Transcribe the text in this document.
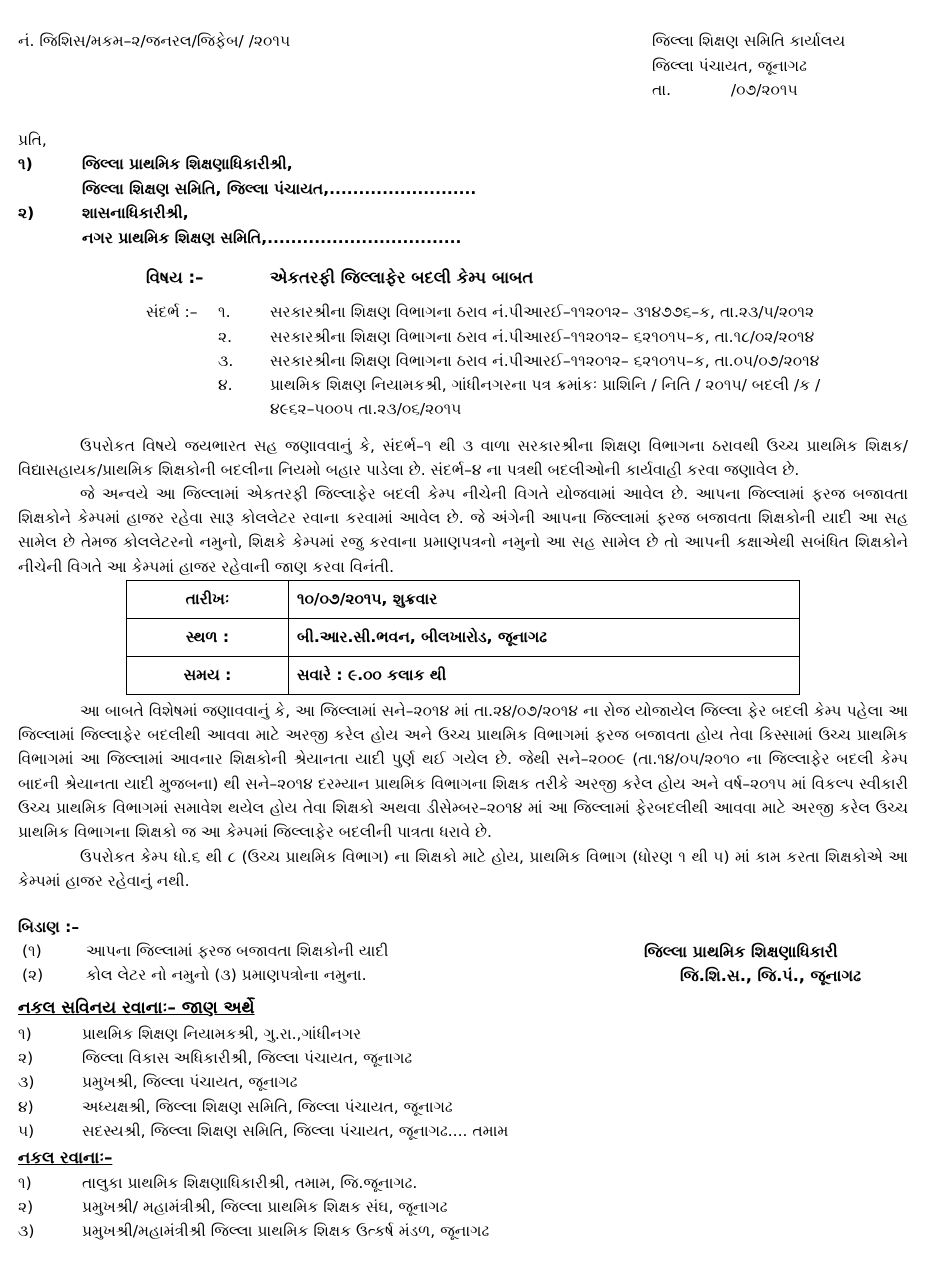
નં. જિશિસ/મકમ–૨/જનરલ/જિફેબ/ /૨૦૧૫	જિલ્લા શિક્ષણ સમિતિ કાર્યાલય
જિલ્લા પંચાયત, જૂનાગઢ
તા.	/૦૭/૨૦૧૫
પ્રતિ,
૧)	જિલ્લા પ્રાથમિક શિક્ષણાધિકારીશ્રી,
જિલ્લા શિક્ષણ સમિતિ, જિલ્લા પંચાયત,.........................
૨)	શાસનાધિકારીશ્રી,
નગર પ્રાથમિક શિક્ષણ સમિતિ,.................................
વિષય :–	એકતરફી જિલ્લાફેર બદલી કેમ્પ બાબત
સંદર્ભ :– ૧.	સરકારશ્રીના શિક્ષણ વિભાગના ઠરાવ નં.પીઆરઈ–૧૧૨૦૧૨– ૩૧૪૭૭૬–ક, તા.૨૩/૫/૨૦૧૨
૨. સરકારશ્રીના શિક્ષણ વિભાગના ઠરાવ નં.પીઆરઈ–૧૧૨૦૧૨– ૬૨૧૦૧૫–ક, તા.૧૮/૦૨/૨૦૧૪
૩. સરકારશ્રીના શિક્ષણ વિભાગના ઠરાવ નં.પીઆરઈ–૧૧૨૦૧૨– ૬૨૧૦૧૫–ક, તા.૦૫/૦૭/૨૦૧૪
૪. પ્રાથમિક શિક્ષણ નિયામકશ્રી, ગાંધીનગરના પત્ર ક્રમાંકઃ પ્રાશિનિ / નિતિ / ૨૦૧૫/ બદલી /ક /
૪૯૬૨–૫૦૦૫ તા.૨૩/૦૬/૨૦૧૫
ઉપરોકત વિષયે જયભારત સહ જણાવવાનું કે, સંદર્ભ–૧ થી ૩ વાળા સરકારશ્રીના શિક્ષણ વિભાગના ઠરાવથી ઉચ્ચ પ્રાથમિક શિક્ષક/વિદ્યાસહાયક/પ્રાથમિક શિક્ષકોની બદલીના નિયમો બહાર પાડેલા છે. સંદર્ભ–૪ ના પત્રથી બદલીઓની કાર્યવાહી કરવા જણાવેલ છે.
જે અન્વયે આ જિલ્લામાં એકતરફી જિલ્લાફેર બદલી કેમ્પ નીચેની વિગતે યોજવામાં આવેલ છે. આપના જિલ્લામાં ફરજ બજાવતા શિક્ષકોને કેમ્પમાં હાજર રહેવા સારૂ કોલલેટર રવાના કરવામાં આવેલ છે. જે અંગેની આપના જિલ્લામાં ફરજ બજાવતા શિક્ષકોની યાદી આ સહ સામેલ છે તેમજ કોલલેટરનો નમુનો, શિક્ષકે કેમ્પમાં રજુ કરવાના પ્રમાણપત્રનો નમુનો આ સહ સામેલ છે તો આપની કક્ષાએથી સબંધિત શિક્ષકોને નીચેની વિગતે આ કેમ્પમાં હાજર રહેવાની જાણ કરવા વિનંતી.
તારીખઃ	૧૦/૦૭/૨૦૧૫, શુક્રવાર
સ્થળ :	બી.આર.સી.ભવન, બીલખારોડ, જૂનાગઢ
સમય :	સવારે : ૯.૦૦ કલાક થી
આ બાબતે વિશેષમાં જણાવવાનું કે, આ જિલ્લામાં સને–૨૦૧૪ માં તા.૨૪/૦૭/૨૦૧૪ ના રોજ યોજાયેલ જિલ્લા ફેર બદલી કેમ્પ પહેલા આ જિલ્લામાં જિલ્લાફેર બદલીથી આવવા માટે અરજી કરેલ હોય અને ઉચ્ચ પ્રાથમિક વિભાગમાં ફરજ બજાવતા હોય તેવા કિસ્સામાં ઉચ્ચ પ્રાથમિક વિભાગમાં આ જિલ્લામાં આવનાર શિક્ષકોની શ્રેયાનતા યાદી પુર્ણ થઈ ગયેલ છે. જેથી સને–૨૦૦૯ (તા.૧૪/૦૫/૨૦૧૦ ના જિલ્લાફેર બદલી કેમ્પ બાદની શ્રેયાનતા યાદી મુજબના) થી સને–૨૦૧૪ દરમ્યાન પ્રાથમિક વિભાગના શિક્ષક તરીકે અરજી કરેલ હોય અને વર્ષ–૨૦૧૫ માં વિકલ્પ સ્વીકારી ઉચ્ચ પ્રાથમિક વિભાગમાં સમાવેશ થયેલ હોય તેવા શિક્ષકો અથવા ડીસેમ્બર–૨૦૧૪ માં આ જિલ્લામાં ફેરબદલીથી આવવા માટે અરજી કરેલ ઉચ્ચ પ્રાથમિક વિભાગના શિક્ષકો જ આ કેમ્પમાં જિલ્લાફેર બદલીની પાત્રતા ધરાવે છે.
ઉપરોકત કેમ્પ ધો.૬ થી ૮ (ઉચ્ચ પ્રાથમિક વિભાગ) ના શિક્ષકો માટે હોય, પ્રાથમિક વિભાગ (ધોરણ ૧ થી ૫) માં કામ કરતા શિક્ષકોએ આ કેમ્પમાં હાજર રહેવાનું નથી.
બિડાણ :–
(૧)	આપના જિલ્લામાં ફરજ બજાવતા શિક્ષકોની યાદી
(૨)	કોલ લેટર નો નમુનો (૩) પ્રમાણપત્રોના નમુના.
જિલ્લા પ્રાથમિક શિક્ષણાધિકારી
જિ.શિ.સ., જિ.પં., જૂનાગઢ
નકલ સવિનય રવાનાઃ– જાણ અર્થે
૧)	પ્રાથમિક શિક્ષણ નિયામકશ્રી, ગુ.રા.,ગાંધીનગર
૨)	જિલ્લા વિકાસ અધિકારીશ્રી, જિલ્લા પંચાયત, જૂનાગઢ
૩)	પ્રમુખશ્રી, જિલ્લા પંચાયત, જૂનાગઢ
૪)	અધ્યક્ષશ્રી, જિલ્લા શિક્ષણ સમિતિ, જિલ્લા પંચાયત, જૂનાગઢ
૫)	સદસ્યશ્રી, જિલ્લા શિક્ષણ સમિતિ, જિલ્લા પંચાયત, જૂનાગઢ.... તમામ
નકલ રવાનાઃ–
૧)	તાલુકા પ્રાથમિક શિક્ષણાધિકારીશ્રી, તમામ, જિ.જૂનાગઢ.
૨)	પ્રમુખશ્રી/ મહામંત્રીશ્રી, જિલ્લા પ્રાથમિક શિક્ષક સંઘ, જૂનાગઢ
૩)	પ્રમુખશ્રી/મહામંત્રીશ્રી જિલ્લા પ્રાથમિક શિક્ષક ઉત્કર્ષ મંડળ, જૂનાગઢ
